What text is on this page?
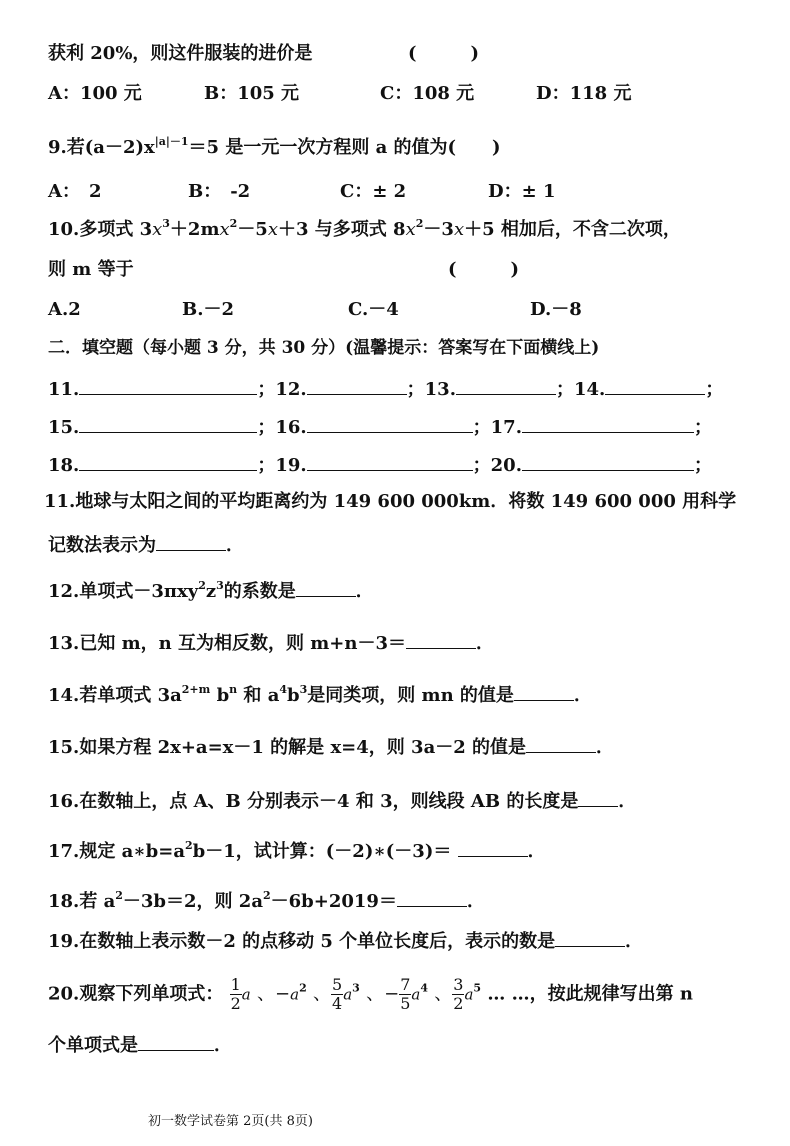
获利 20%，则这件服装的进价是	(　　　)
A：100 元	B：105 元	C：108 元	D：118 元
9.若$(a-2)x^{|a|-1}=5$ 是一元一次方程则 a 的值为(　　)
A：　2	B：　-2	C：± 2	D：± 1
10.多项式 $3x^3+2mx^2-5x+3$ 与多项式 $8x^2-3x+5$ 相加后，不含二次项，
则 m 等于	(　　　)
A.2	B.－2	C.－4	D.－8
二．填空题（每小题 3 分，共 30 分）(温馨提示：答案写在下面横线上)
11.	；12.	；13.	；14.	；
15.	；16.	；17.	；
18.	；19.	；20.	；
11.地球与太阳之间的平均距离约为 149 600 000km．将数 149 600 000 用科学
记数法表示为	．
12.单项式$-3\pi xy^2z^3$的系数是	．
13.已知 m，n 互为相反数，则 m+n－3＝	．
14.若单项式 $3a^{2+m}$ $b^n$ 和 $a^4b^3$是同类项，则 mn 的值是	．
15.如果方程 2x+a=x－1 的解是 x=4，则 3a－2 的值是	．
16.在数轴上，点 A、B 分别表示－4 和 3，则线段 AB 的长度是 ．
17.规定 $a∗b=a^2b-1$，试计算：(－2)∗(－3)＝	．
18.若 $a^2-3b=2$，则 $2a^2-6b+2019=$	．
19.在数轴上表示数－2 的点移动 5 个单位长度后，表示的数是	．
20.观察下列单项式： $\frac{1}{2}$ a 、$-a^2$ 、 $\frac{5}{4} a^3$ 、− $\frac{7}{5} a^4$ 、 $\frac{3}{2} a^5$ … …，按此规律写出第 n
个单项式是	．
初一数学试卷第 2页(共 8页)
